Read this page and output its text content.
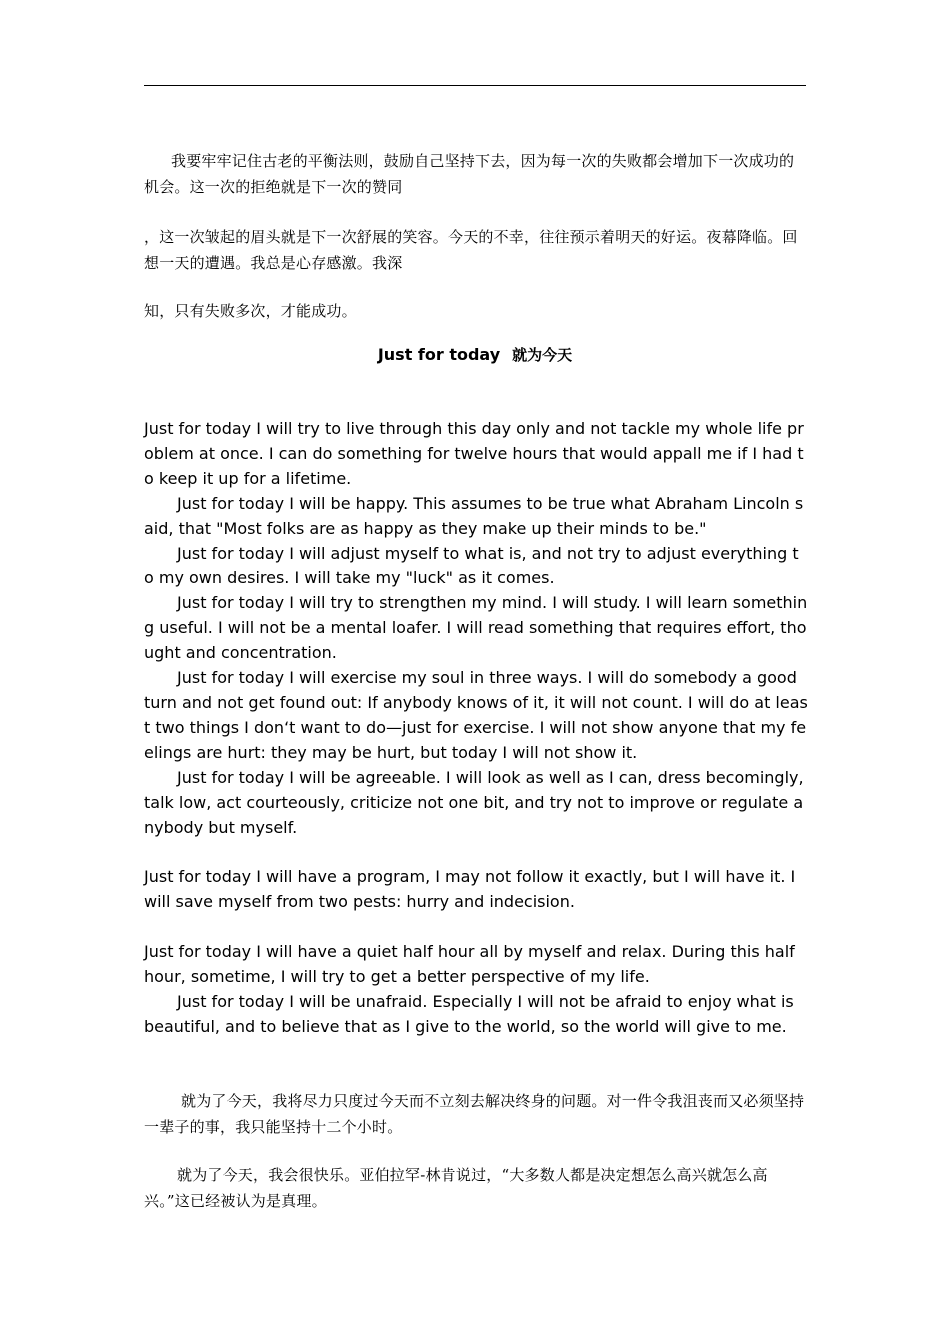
我要牢牢记住古老的平衡法则，鼓励自己坚持下去，因为每一次的失败都会增加下一次成功的机会。这一次的拒绝就是下一次的赞同

，这一次皱起的眉头就是下一次舒展的笑容。今天的不幸，往往预示着明天的好运。夜幕降临。回想一天的遭遇。我总是心存感激。我深

知，只有失败多次，才能成功。

Just for today 就为今天

Just for today I will try to live through this day only and not tackle my whole life problem at once. I can do something for twelve hours that would appall me if I had to keep it up for a lifetime.

Just for today I will be happy. This assumes to be true what Abraham Lincoln said, that "Most folks are as happy as they make up their minds to be."

Just for today I will adjust myself to what is, and not try to adjust everything to my own desires. I will take my "luck" as it comes.

Just for today I will try to strengthen my mind. I will study. I will learn something useful. I will not be a mental loafer. I will read something that requires effort, thought and concentration.

Just for today I will exercise my soul in three ways. I will do somebody a good turn and not get found out: If anybody knows of it, it will not count. I will do at least two things I don‘t want to do—just for exercise. I will not show anyone that my feelings are hurt: they may be hurt, but today I will not show it.

Just for today I will be agreeable. I will look as well as I can, dress becomingly, talk low, act courteously, criticize not one bit, and try not to improve or regulate anybody but myself.

Just for today I will have a program, I may not follow it exactly, but I will have it. I will save myself from two pests: hurry and indecision.

Just for today I will have a quiet half hour all by myself and relax. During this half hour, sometime, I will try to get a better perspective of my life.

Just for today I will be unafraid. Especially I will not be afraid to enjoy what is beautiful, and to believe that as I give to the world, so the world will give to me.

就为了今天，我将尽力只度过今天而不立刻去解决终身的问题。对一件令我沮丧而又必须坚持一辈子的事，我只能坚持十二个小时。

就为了今天，我会很快乐。亚伯拉罕-林肯说过，“大多数人都是决定想怎么高兴就怎么高兴。”这已经被认为是真理。
